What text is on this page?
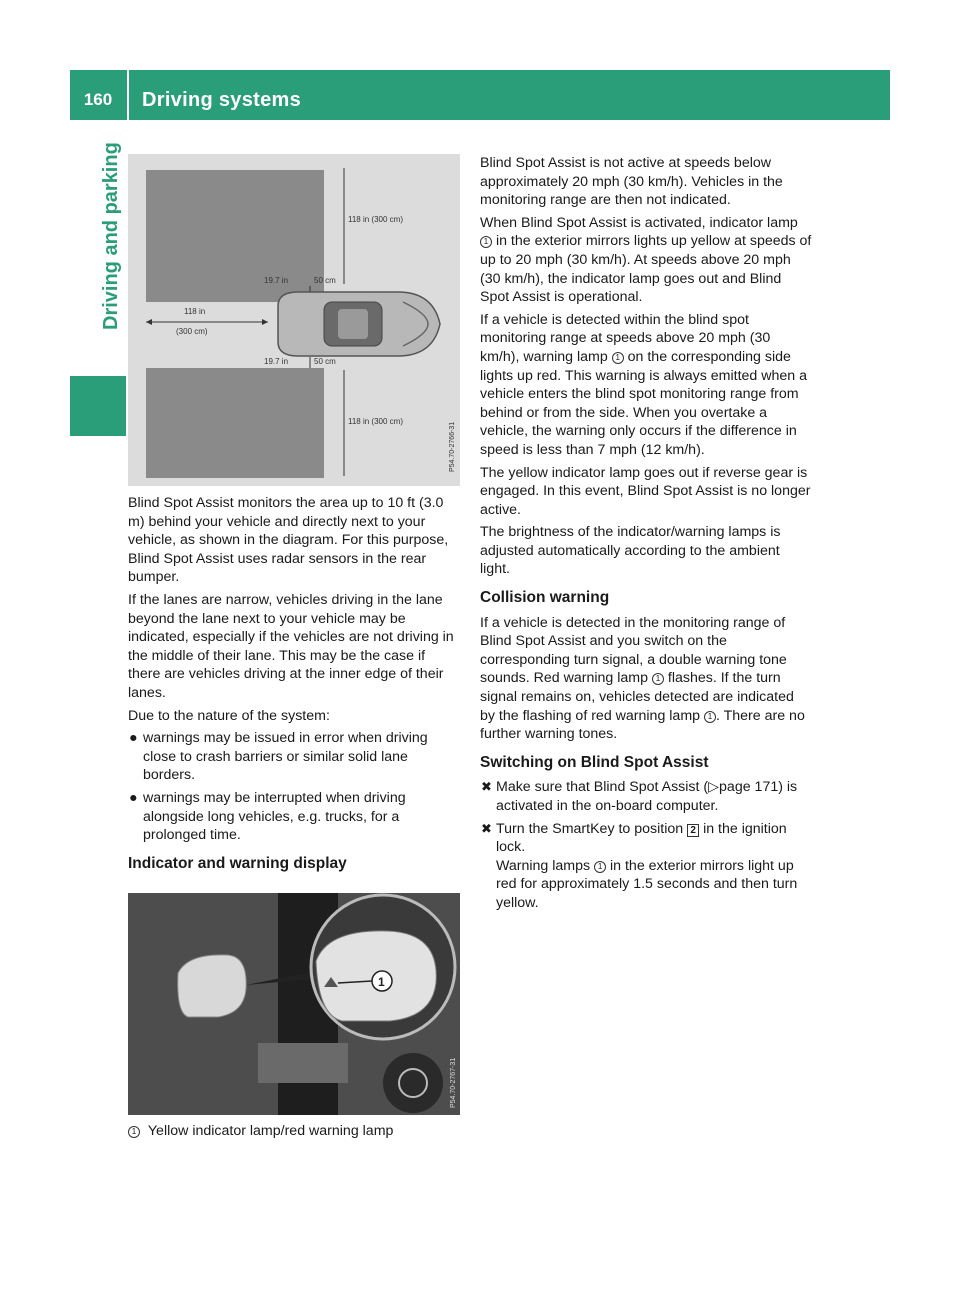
160	Driving systems
Driving and parking	118 in (300 cm)
19.7 in	50 cm
118 in
(300 cm)
19.7 in	50 cm
118 in (300 cm)
P54.70-2766-31

Blind Spot Assist monitors the area up to 10 ft (3.0 m) behind your vehicle and directly next to your vehicle, as shown in the diagram. For this purpose, Blind Spot Assist uses radar sensors in the rear bumper.

If the lanes are narrow, vehicles driving in the lane beyond the lane next to your vehicle may be indicated, especially if the vehicles are not driving in the middle of their lane. This may be the case if there are vehicles driving at the inner edge of their lanes.

Due to the nature of the system:

● warnings may be issued in error when driving close to crash barriers or similar solid lane borders.
● warnings may be interrupted when driving alongside long vehicles, e.g. trucks, for a prolonged time.
Indicator and warning display
1
P54.70-2767-31
1 Yellow indicator lamp/red warning lamp

Blind Spot Assist is not active at speeds below approximately 20 mph (30 km/h). Vehicles in the monitoring range are then not indicated.

When Blind Spot Assist is activated, indicator lamp 1 in the exterior mirrors lights up yellow at speeds of up to 20 mph (30 km/h). At speeds above 20 mph (30 km/h), the indicator lamp goes out and Blind Spot Assist is operational.

If a vehicle is detected within the blind spot monitoring range at speeds above 20 mph (30 km/h), warning lamp 1 on the corresponding side lights up red. This warning is always emitted when a vehicle enters the blind spot monitoring range from behind or from the side. When you overtake a vehicle, the warning only occurs if the difference in speed is less than 7 mph (12 km/h).

The yellow indicator lamp goes out if reverse gear is engaged. In this event, Blind Spot Assist is no longer active.

The brightness of the indicator/warning lamps is adjusted automatically according to the ambient light.

Collision warning

If a vehicle is detected in the monitoring range of Blind Spot Assist and you switch on the corresponding turn signal, a double warning tone sounds. Red warning lamp 1 flashes. If the turn signal remains on, vehicles detected are indicated by the flashing of red warning lamp 1 . There are no further warning tones.

Switching on Blind Spot Assist
✖ Make sure that Blind Spot Assist (▷page 171) is activated in the on-board computer.
✖ Turn the SmartKey to position 2 in the ignition lock.
Warning lamps 1 in the exterior mirrors light up red for approximately 1.5 seconds and then turn yellow.
